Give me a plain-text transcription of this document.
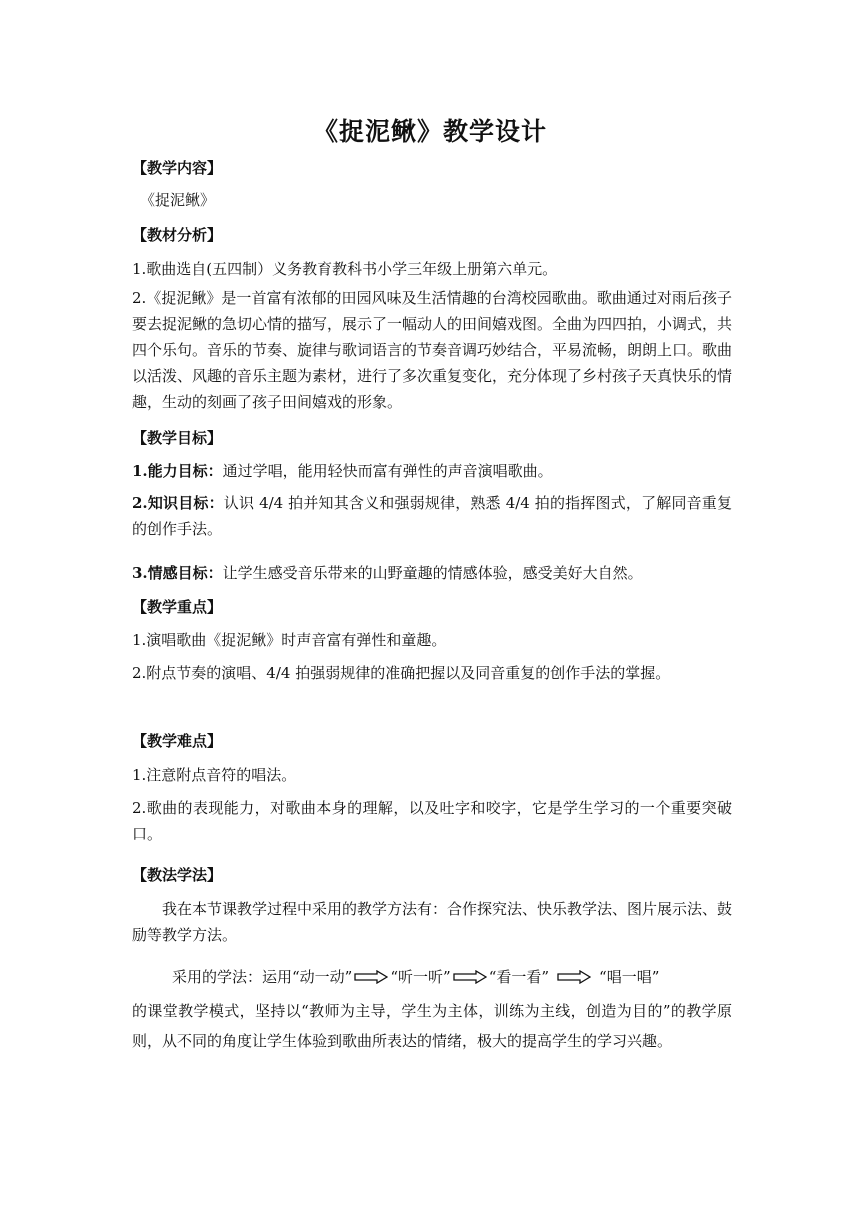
《捉泥鳅》教学设计
【教学内容】
《捉泥鳅》
【教材分析】
1.歌曲选自(五四制）义务教育教科书小学三年级上册第六单元。
2.《捉泥鳅》是一首富有浓郁的田园风味及生活情趣的台湾校园歌曲。歌曲通过对雨后孩子要去捉泥鳅的急切心情的描写，展示了一幅动人的田间嬉戏图。全曲为四四拍，小调式，共四个乐句。音乐的节奏、旋律与歌词语言的节奏音调巧妙结合，平易流畅，朗朗上口。歌曲以活泼、风趣的音乐主题为素材，进行了多次重复变化，充分体现了乡村孩子天真快乐的情趣，生动的刻画了孩子田间嬉戏的形象。
【教学目标】
1.能力目标：通过学唱，能用轻快而富有弹性的声音演唱歌曲。
2.知识目标：认识 4/4 拍并知其含义和强弱规律，熟悉 4/4 拍的指挥图式，了解同音重复的创作手法。
3.情感目标：让学生感受音乐带来的山野童趣的情感体验，感受美好大自然。
【教学重点】
1.演唱歌曲《捉泥鳅》时声音富有弹性和童趣。
2.附点节奏的演唱、4/4 拍强弱规律的准确把握以及同音重复的创作手法的掌握。
【教学难点】
1.注意附点音符的唱法。
2.歌曲的表现能力，对歌曲本身的理解，以及吐字和咬字，它是学生学习的一个重要突破口。
【教法学法】
我在本节课教学过程中采用的教学方法有：合作探究法、快乐教学法、图片展示法、鼓励等教学方法。
采用的学法：运用 “动一动”	“听一听”	“看一看”	“唱一唱”
的课堂教学模式，坚持以“教师为主导，学生为主体，训练为主线，创造为目的”的教学原则，从不同的角度让学生体验到歌曲所表达的情绪，极大的提高学生的学习兴趣。
